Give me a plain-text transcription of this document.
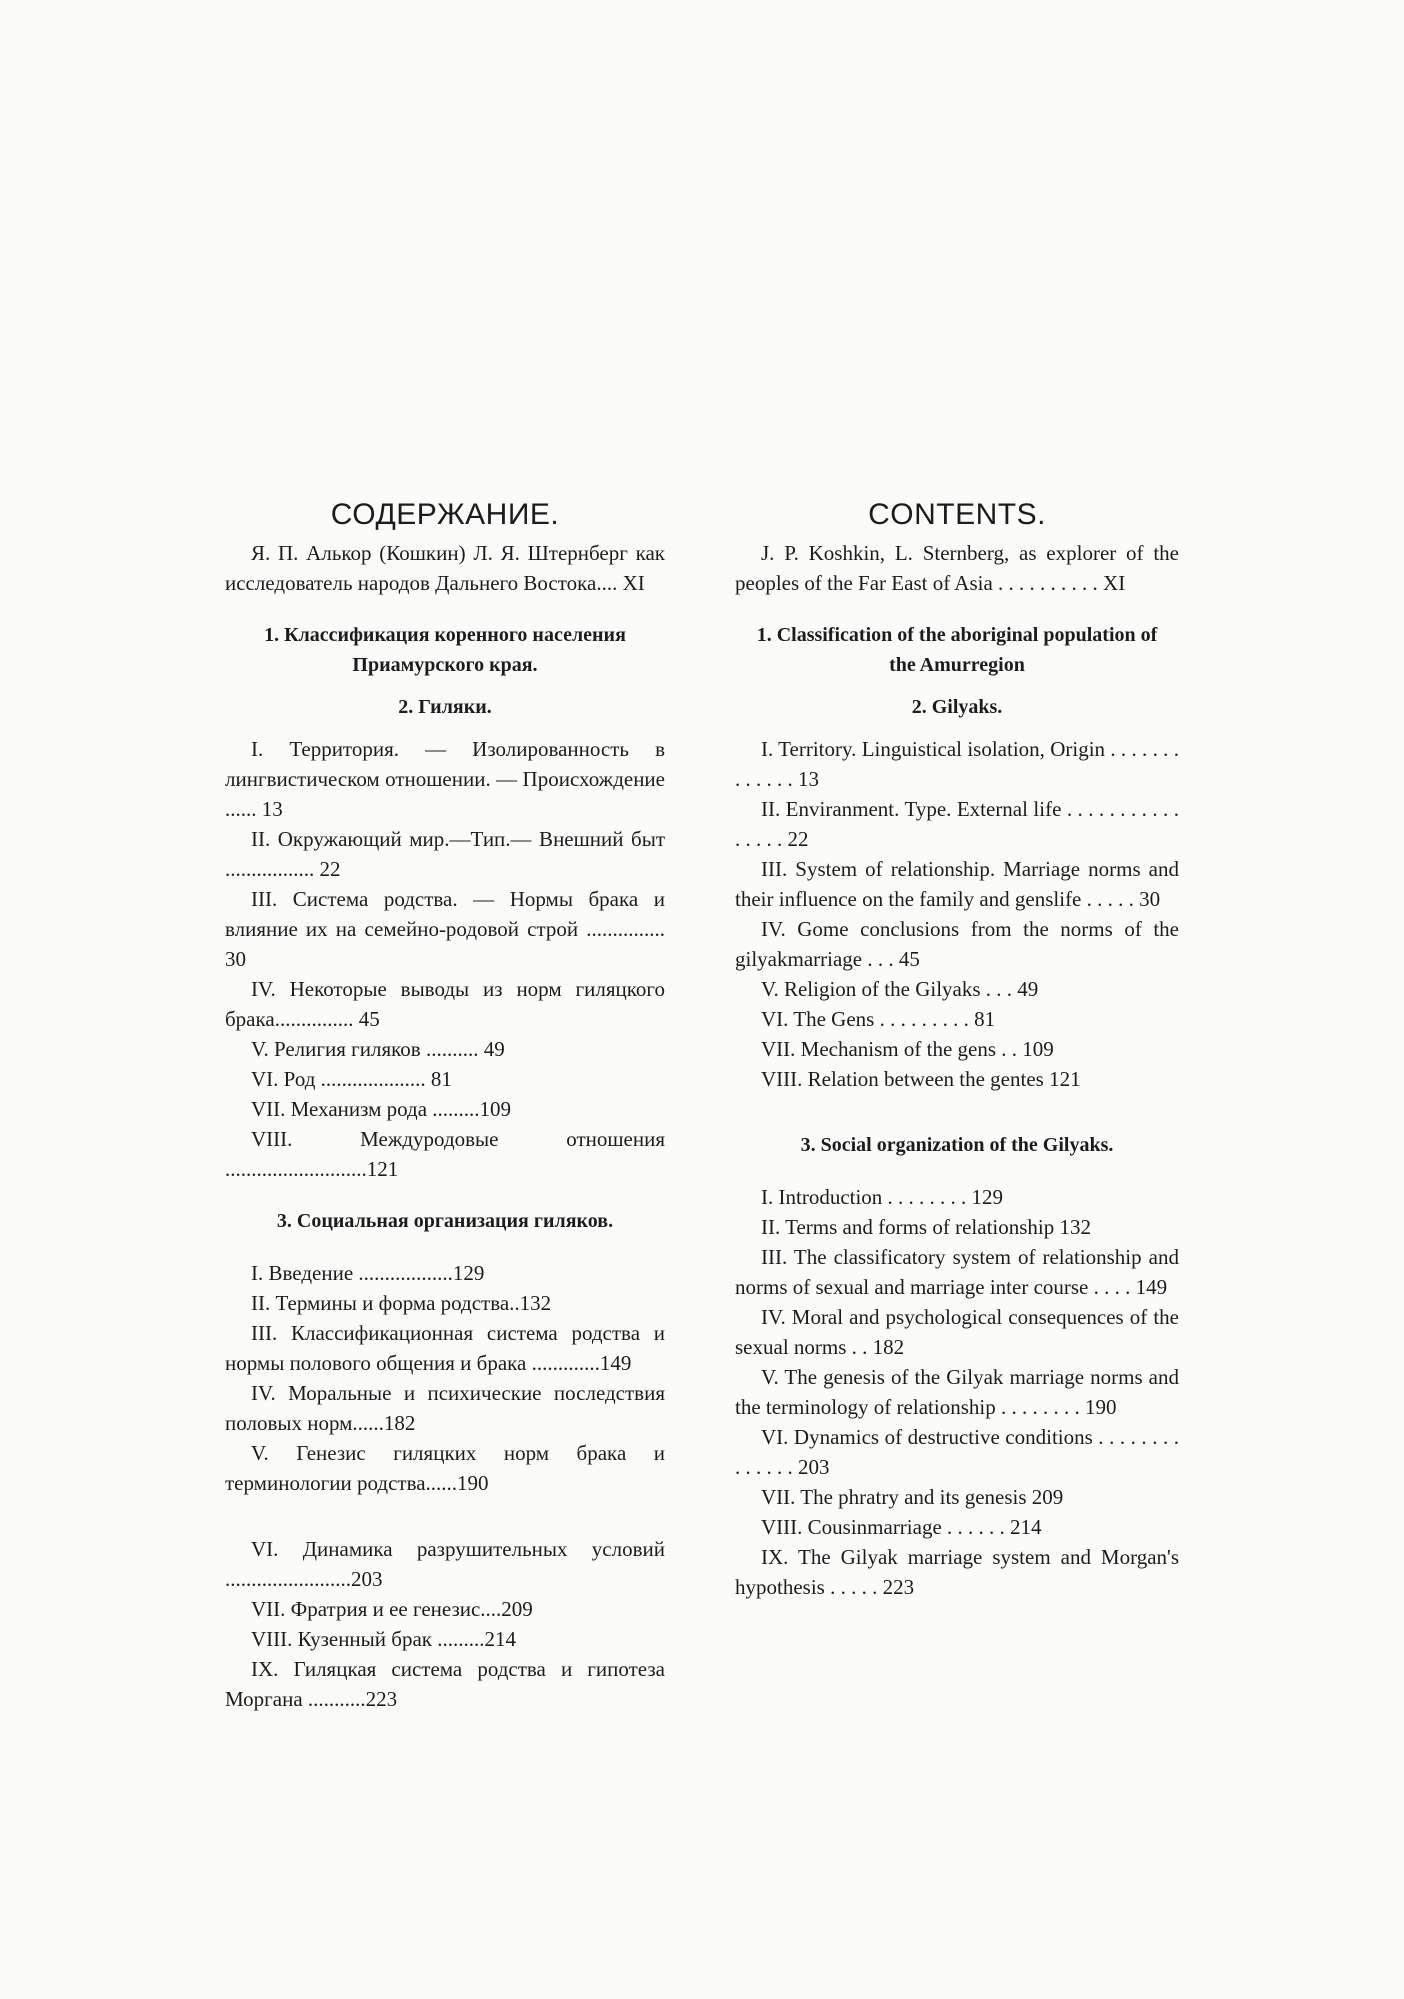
СОДЕРЖАНИЕ.
Я. П. Алькор (Кошкин) Л. Я. Штернберг как исследователь народов Дальнего Востока.... XI
1. Классификация коренного населения Приамурского края.
2. Гиляки.
I. Территория. — Изолированность в лингвистическом отношении. — Происхождение ...... 13
II. Окружающий мир.—Тип.— Внешний быт ................. 22
III. Система родства. — Нормы брака и влияние их на семейно-родовой строй ............... 30
IV. Некоторые выводы из норм гиляцкого брака............... 45
V. Религия гиляков .......... 49
VI. Род .................... 81
VII. Механизм рода .........109
VIII. Междуродовые отношения ...........................121
3. Социальная организация гиляков.
I. Введение ..................129
II. Термины и форма родства..132
III. Классификационная система родства и нормы полового общения и брака .............149
IV. Моральные и психические последствия половых норм......182
V. Генезис гиляцких норм брака и терминологии родства......190
VI. Динамика разрушительных условий ........................203
VII. Фратрия и ее генезис....209
VIII. Кузенный брак .........214
IX. Гиляцкая система родства и гипотеза Моргана ...........223
CONTENTS.
J. P. Koshkin, L. Sternberg, as explorer of the peoples of the Far East of Asia . . . . . . . . . . XI
1. Classification of the aboriginal population of the Amurregion
2. Gilyaks.
I. Territory. Linguistical isolation, Origin . . . . . . . . . . . . . 13
II. Envirаnment. Type. External life . . . . . . . . . . . . . . . . 22
III. System of relationship. Marriage norms and their influence on the family and genslife . . . . . 30
IV. Gome conclusions from the norms of the gilyakmarriage . . . 45
V. Religion of the Gilyaks . . . 49
VI. The Gens . . . . . . . . . 81
VII. Mechanism of the gens . . 109
VIII. Relation between the gentes 121
3. Social organization of the Gilyaks.
I. Introduction . . . . . . . . 129
II. Terms and forms of relationship 132
III. The classificatory system of relationship and norms of sexual and marriage inter course . . . . 149
IV. Moral and psychological consequences of the sexual norms . . 182
V. The genesis of the Gilyak marriage norms and the terminology of relationship . . . . . . . . 190
VI. Dynamics of destructive conditions . . . . . . . . . . . . . . 203
VII. The phratry and its genesis 209
VIII. Cousinmarriage . . . . . . 214
IX. The Gilyak marriage system and Morgan's hypothesis . . . . . 223
